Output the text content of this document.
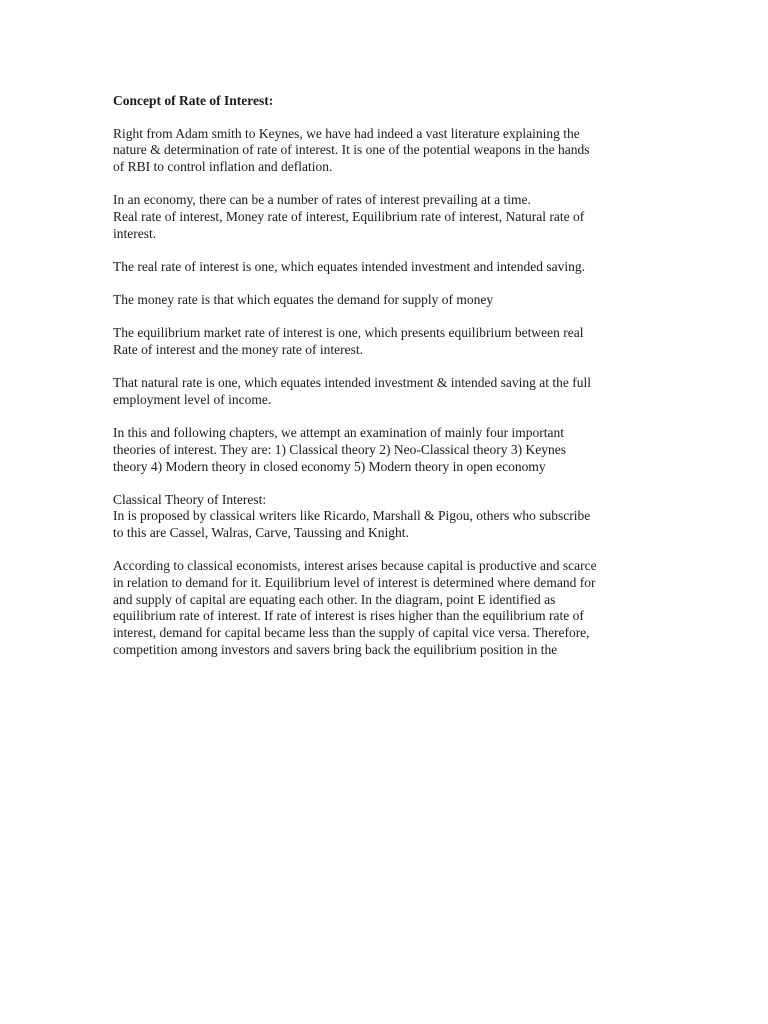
Concept of Rate of Interest:

Right from Adam smith to Keynes, we have had indeed a vast literature explaining the
nature & determination of rate of interest. It is one of the potential weapons in the hands
of RBI to control inflation and deflation.

In an economy, there can be a number of rates of interest prevailing at a time.
Real rate of interest, Money rate of interest, Equilibrium rate of interest, Natural rate of
interest.

The real rate of interest is one, which equates intended investment and intended saving.

The money rate is that which equates the demand for supply of money

The equilibrium market rate of interest is one, which presents equilibrium between real
Rate of interest and the money rate of interest.

That natural rate is one, which equates intended investment & intended saving at the full
employment level of income.

In this and following chapters, we attempt an examination of mainly four important
theories of interest. They are: 1) Classical theory 2) Neo-Classical theory 3) Keynes
theory 4) Modern theory in closed economy 5) Modern theory in open economy

Classical Theory of Interest:
In is proposed by classical writers like Ricardo, Marshall & Pigou, others who subscribe
to this are Cassel, Walras, Carve, Taussing and Knight.

According to classical economists, interest arises because capital is productive and scarce
in relation to demand for it. Equilibrium level of interest is determined where demand for
and supply of capital are equating each other. In the diagram, point E identified as
equilibrium rate of interest. If rate of interest is rises higher than the equilibrium rate of
interest, demand for capital became less than the supply of capital vice versa. Therefore,
competition among investors and savers bring back the equilibrium position in the
